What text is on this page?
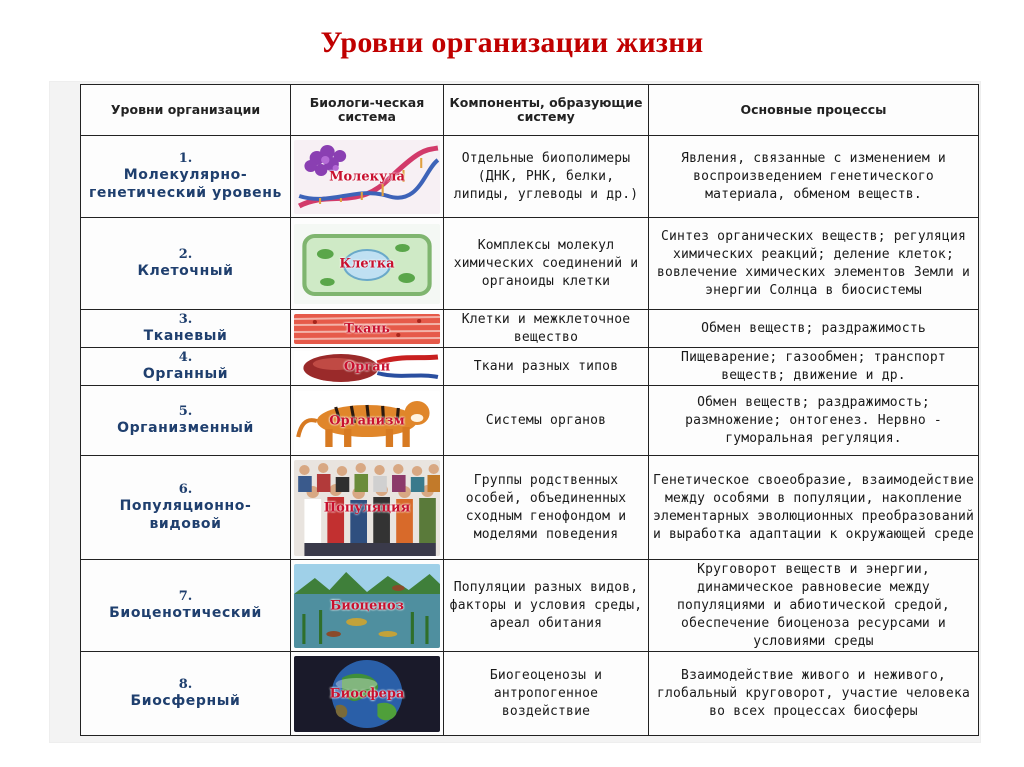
Уровни организации жизни
Уровни организации	Биологи-ческая система	Компоненты, образующие систему	Основные процессы

1.
Молекулярно-генетический уровень	Молекула	Отдельные биополимеры (ДНК, РНК, белки, липиды, углеводы и др.)	Явления, связанные с изменением и воспроизведением генетического материала, обменом веществ.

2.
Клеточный	Клетка	Комплексы молекул химических соединений и органоиды клетки	Синтез органических веществ; регуляция химических реакций; деление клеток; вовлечение химических элементов Земли и энергии Солнца в биосистемы

3.
Тканевый	Ткань	Клетки и межклеточное вещество	Обмен веществ; раздражимость

4.
Органный	Орган	Ткани разных типов	Пищеварение; газообмен; транспорт веществ; движение и др.

5.
Организменный	Организм	Системы органов	Обмен веществ; раздражимость; размножение; онтогенез. Нервно - гуморальная регуляция.

6.
Популяционно-видовой	Популяция	Группы родственных особей, объединенных сходным генофондом и моделями поведения	Генетическое своеобразие, взаимодействие между особями в популяции, накопление элементарных эволюционных преобразований и выработка адаптации к окружающей среде

7.
Биоценотический	Биоценоз	Популяции разных видов, факторы и условия среды, ареал обитания	Круговорот веществ и энергии, динамическое равновесие между популяциями и абиотической средой, обеспечение биоценоза ресурсами и условиями среды

8.
Биосферный	Биосфера	Биогеоценозы и антропогенное воздействие	Взаимодействие живого и неживого, глобальный круговорот, участие человека во всех процессах биосферы
